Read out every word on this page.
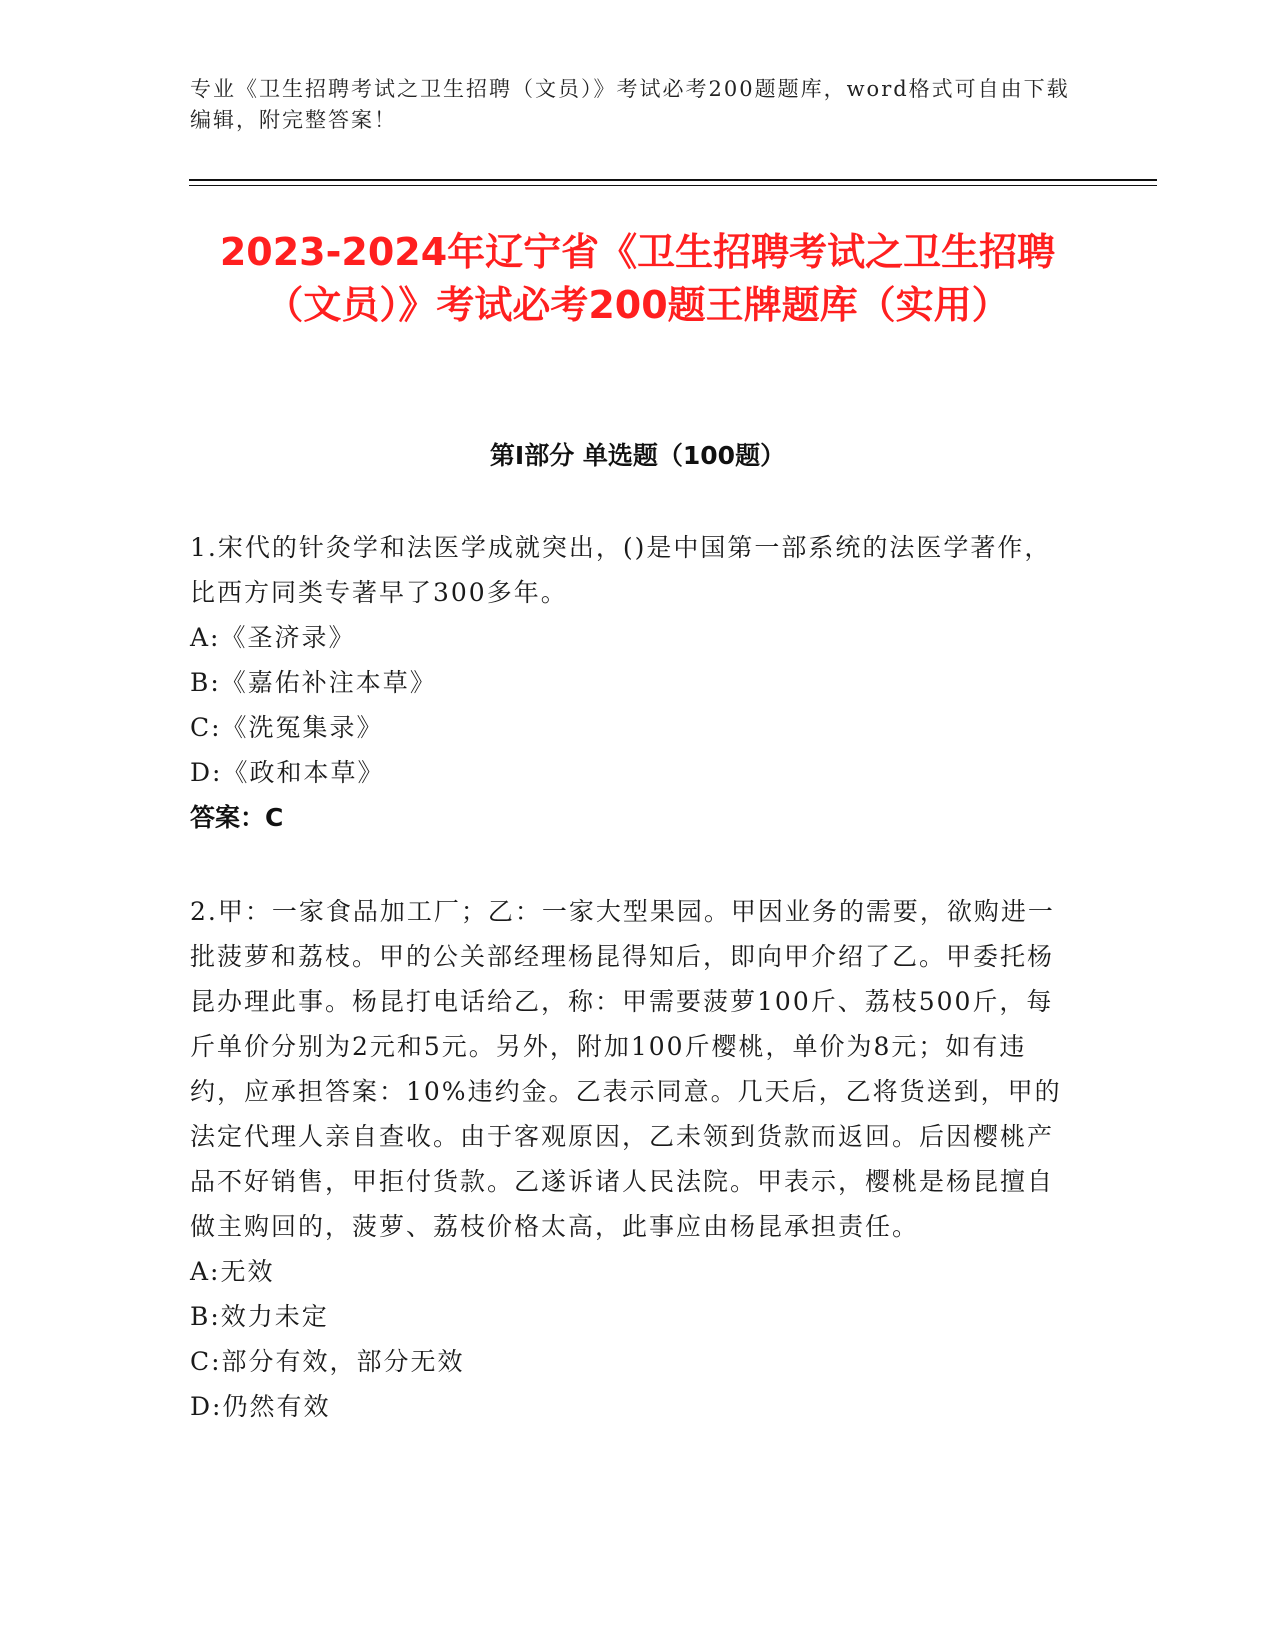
专业《卫生招聘考试之卫生招聘（文员）》考试必考200题题库，word格式可自由下载编辑，附完整答案！
2023-2024年辽宁省《卫生招聘考试之卫生招聘（文员）》考试必考200题王牌题库（实用）
第I部分 单选题（100题）
1.宋代的针灸学和法医学成就突出，()是中国第一部系统的法医学著作，比西方同类专著早了300多年。
A:《圣济录》
B:《嘉佑补注本草》
C:《洗冤集录》
D:《政和本草》
答案：C
2.甲：一家食品加工厂；乙：一家大型果园。甲因业务的需要，欲购进一批菠萝和荔枝。甲的公关部经理杨昆得知后，即向甲介绍了乙。甲委托杨昆办理此事。杨昆打电话给乙，称：甲需要菠萝100斤、荔枝500斤，每斤单价分别为2元和5元。另外，附加100斤樱桃，单价为8元；如有违约，应承担答案：10%违约金。乙表示同意。几天后，乙将货送到，甲的法定代理人亲自查收。由于客观原因，乙未领到货款而返回。后因樱桃产品不好销售，甲拒付货款。乙遂诉诸人民法院。甲表示，樱桃是杨昆擅自做主购回的，菠萝、荔枝价格太高，此事应由杨昆承担责任。
A:无效
B:效力未定
C:部分有效，部分无效
D:仍然有效
